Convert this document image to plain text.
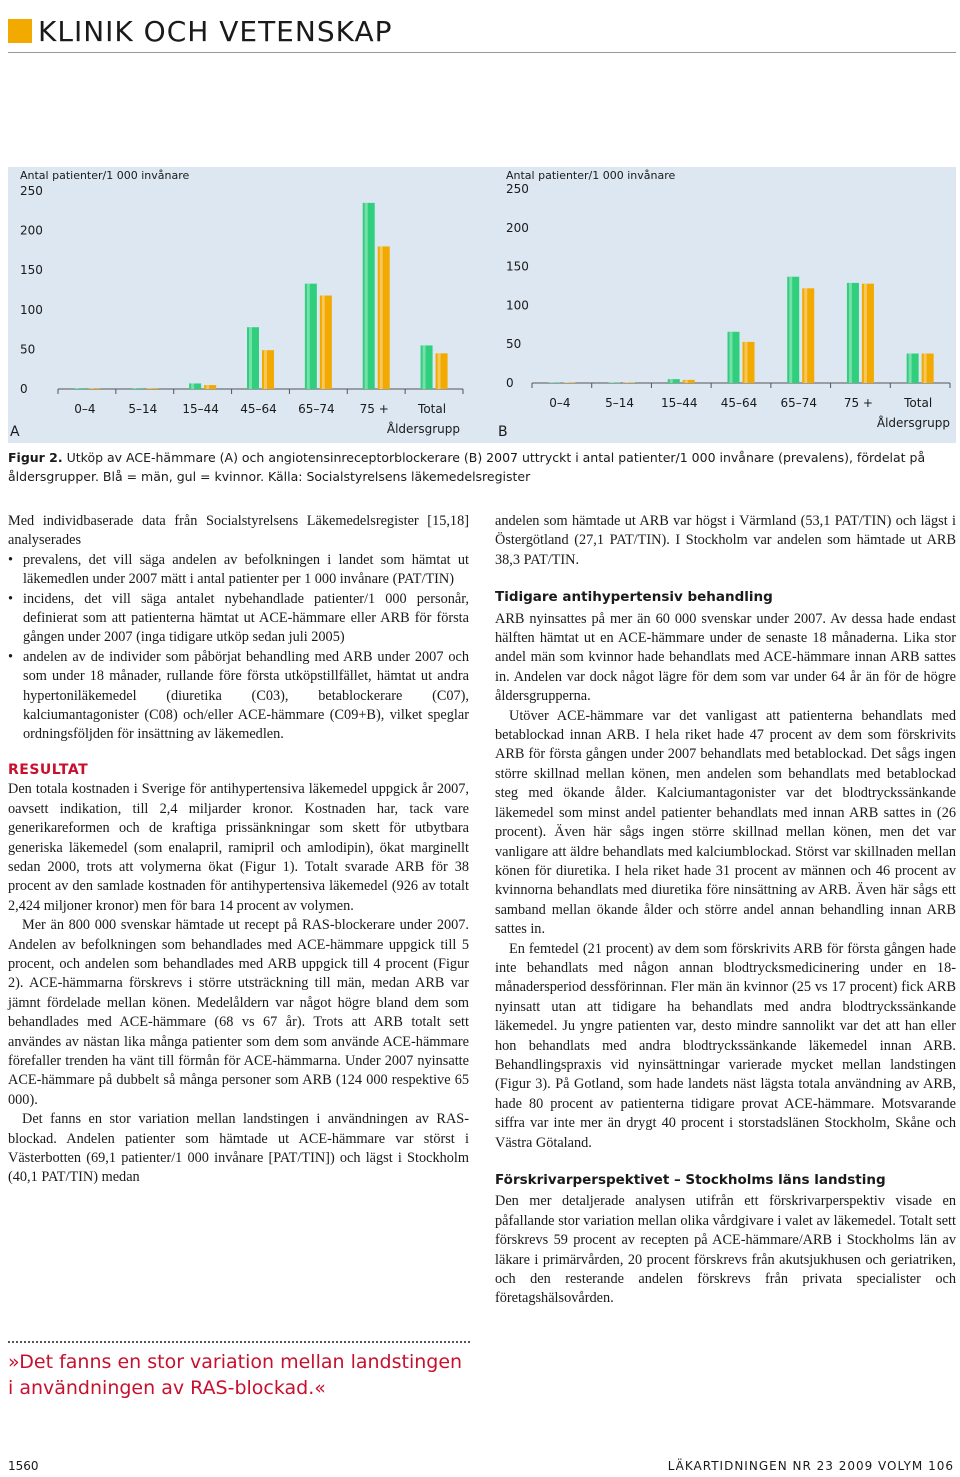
KLINIK OCH VETENSKAP
Antal patienter/1 000 invånare
0
50
100
150
200
250
0–4	5–14 15–44 45–64 65–74 75 + Total
Åldersgrupp
Antal patienter/1 000 invånare
0
50
100
150
200
250
0–4	5–14 15–44 45–64 65–74 75 +	Total
Åldersgrupp
A	B
Figur 2. Utköp av ACE-hämmare (A) och angiotensinreceptorblockerare (B) 2007 uttryckt i antal patienter/1 000 invånare (prevalens), fördelat på åldersgrupper. Blå = män, gul = kvinnor. Källa: Socialstyrelsens läkemedelsregister

Med individbaserade data från Socialstyrelsens Läkemedelsregister [15,18] analyserades

• prevalens, det vill säga andelen av befolkningen i landet som hämtat ut läkemedlen under 2007 mätt i antal patienter per 1 000 invånare (PAT/TIN)
• incidens, det vill säga antalet nybehandlade patienter/1 000 personår, definierat som att patienterna hämtat ut ACE-hämmare eller ARB för första gången under 2007 (inga tidigare utköp sedan juli 2005)
• andelen av de individer som påbörjat behandling med ARB under 2007 och som under 18 månader, rullande före första utköpstillfället, hämtat ut andra hypertoniläkemedel (diuretika (C03), betablockerare (C07), kalciumantagonister (C08) och/eller ACE-hämmare (C09+B), vilket speglar ordningsföljden för insättning av läkemedlen.
RESULTAT

Den totala kostnaden i Sverige för antihypertensiva läkemedel uppgick år 2007, oavsett indikation, till 2,4 miljarder kronor. Kostnaden har, tack vare generikareformen och de kraftiga prissänkningar som skett för utbytbara generiska läkemedel (som enalapril, ramipril och amlodipin), ökat marginellt sedan 2000, trots att volymerna ökat (Figur 1). Totalt svarade ARB för 38 procent av den samlade kostnaden för antihypertensiva läkemedel (926 av totalt 2,424 miljoner kronor) men för bara 14 procent av volymen.

Mer än 800 000 svenskar hämtade ut recept på RAS-blockerare under 2007. Andelen av befolkningen som behandlades med ACE-hämmare uppgick till 5 procent, och andelen som behandlades med ARB uppgick till 4 procent (Figur 2). ACE-hämmarna förskrevs i större utsträckning till män, medan ARB var jämnt fördelade mellan könen. Medelåldern var något högre bland dem som behandlades med ACE-hämmare (68 vs 67 år). Trots att ARB totalt sett användes av nästan lika många patienter som dem som använde ACE-hämmare förefaller trenden ha vänt till förmån för ACE-hämmarna. Under 2007 nyinsatte ACE-hämmare på dubbelt så många personer som ARB (124 000 respektive 65 000).

Det fanns en stor variation mellan landstingen i användningen av RAS-blockad. Andelen patienter som hämtade ut ACE-hämmare var störst i Västerbotten (69,1 patienter/1 000 invånare [PAT/TIN]) och lägst i Stockholm (40,1 PAT/TIN) medan

»Det fanns en stor variation mellan landstingen i användningen av RAS-blockad.«

andelen som hämtade ut ARB var högst i Värmland (53,1 PAT/TIN) och lägst i Östergötland (27,1 PAT/TIN). I Stockholm var andelen som hämtade ut ARB 38,3 PAT/TIN.

Tidigare antihypertensiv behandling

ARB nyinsattes på mer än 60 000 svenskar under 2007. Av dessa hade endast hälften hämtat ut en ACE-hämmare under de senaste 18 månaderna. Lika stor andel män som kvinnor hade behandlats med ACE-hämmare innan ARB sattes in. Andelen var dock något lägre för dem som var under 64 år än för de högre åldersgrupperna.

Utöver ACE-hämmare var det vanligast att patienterna behandlats med betablockad innan ARB. I hela riket hade 47 procent av dem som förskrivits ARB för första gången under 2007 behandlats med betablockad. Det sågs ingen större skillnad mellan könen, men andelen som behandlats med betablockad steg med ökande ålder. Kalciumantagonister var det blodtryckssänkande läkemedel som minst andel patienter behandlats med innan ARB sattes in (26 procent). Även här sågs ingen större skillnad mellan könen, men det var vanligare att äldre behandlats med kalciumblockad. Störst var skillnaden mellan könen för diuretika. I hela riket hade 31 procent av männen och 46 procent av kvinnorna behandlats med diuretika före ninsättning av ARB. Även här sågs ett samband mellan ökande ålder och större andel annan behandling innan ARB sattes in.

En femtedel (21 procent) av dem som förskrivits ARB för första gången hade inte behandlats med någon annan blodtrycksmedicinering under en 18-månadersperiod dessförinnan. Fler män än kvinnor (25 vs 17 procent) fick ARB nyinsatt utan att tidigare ha behandlats med andra blodtryckssänkande läkemedel. Ju yngre patienten var, desto mindre sannolikt var det att han eller hon behandlats med andra blodtryckssänkande läkemedel innan ARB. Behandlingspraxis vid nyinsättningar varierade mycket mellan landstingen (Figur 3). På Gotland, som hade landets näst lägsta totala användning av ARB, hade 80 procent av patienterna tidigare provat ACE-hämmare. Motsvarande siffra var inte mer än drygt 40 procent i storstadslänen Stockholm, Skåne och Västra Götaland.

Förskrivarperspektivet – Stockholms läns landsting

Den mer detaljerade analysen utifrån ett förskrivarperspektiv visade en påfallande stor variation mellan olika vårdgivare i valet av läkemedel. Totalt sett förskrevs 59 procent av recepten på ACE-hämmare/ARB i Stockholms län av läkare i primärvården, 20 procent förskrevs från akutsjukhusen och geriatriken, och den resterande andelen förskrevs från privata specialister och företagshälsovården.

1560	LÄKARTIDNINGEN NR 23 2009 VOLYM 106
